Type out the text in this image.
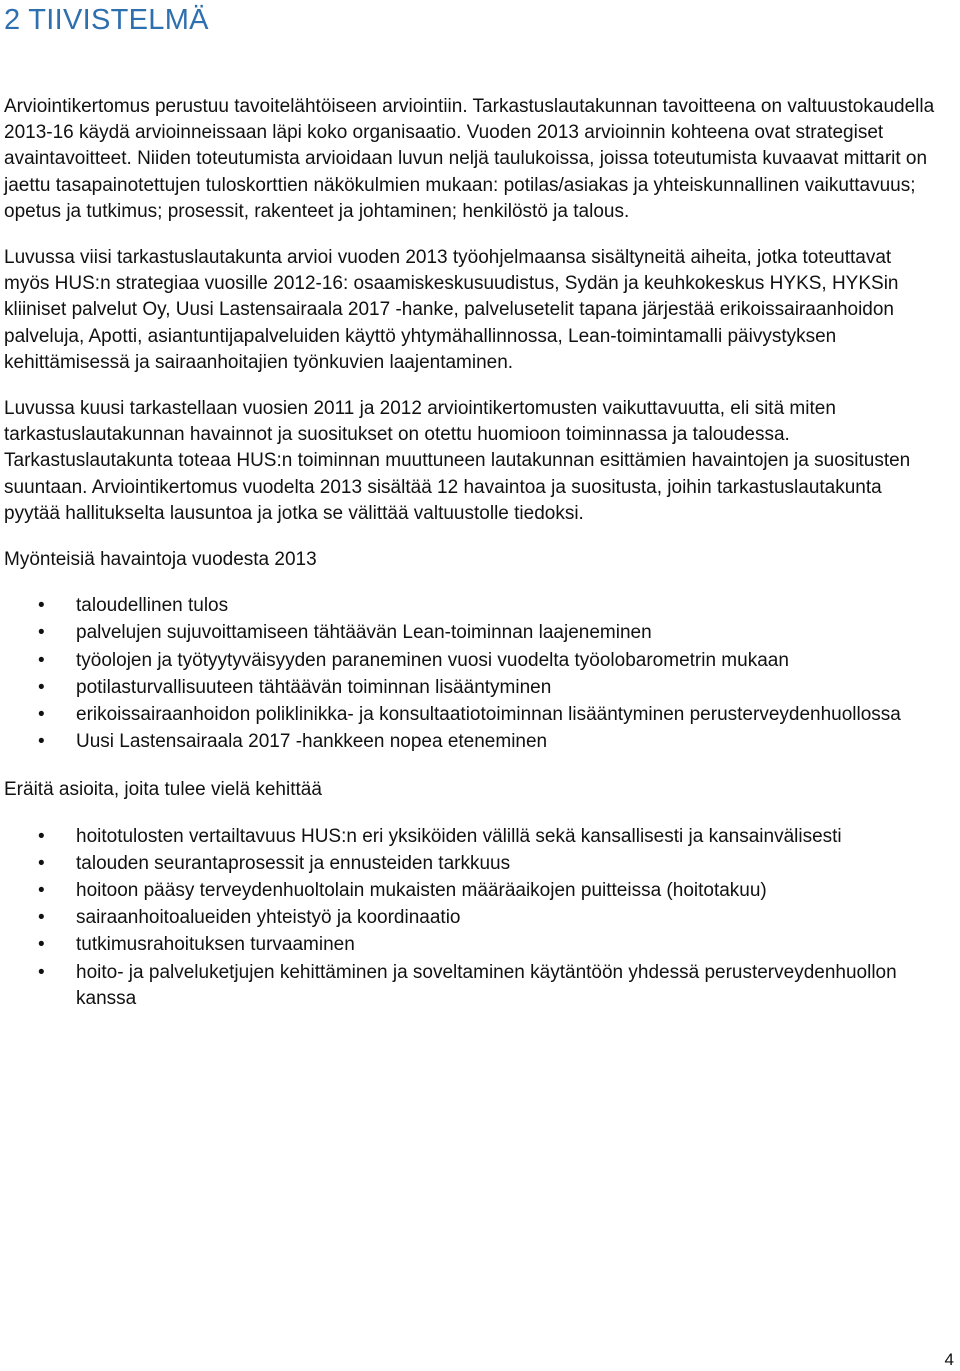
2 TIIVISTELMÄ

Arviointikertomus perustuu tavoitelähtöiseen arviointiin. Tarkastuslautakunnan tavoitteena on valtuustokaudella 2013-16 käydä arvioinneissaan läpi koko organisaatio. Vuoden 2013 arvioinnin kohteena ovat strategiset avaintavoitteet. Niiden toteutumista arvioidaan luvun neljä taulukoissa, joissa toteutumista kuvaavat mittarit on jaettu tasapainotettujen tuloskorttien näkökulmien mukaan: potilas/asiakas ja yhteiskunnallinen vaikuttavuus; opetus ja tutkimus; prosessit, rakenteet ja johtaminen; henkilöstö ja talous.

Luvussa viisi tarkastuslautakunta arvioi vuoden 2013 työohjelmaansa sisältyneitä aiheita, jotka toteuttavat myös HUS:n strategiaa vuosille 2012-16: osaamiskeskusuudistus, Sydän ja keuhkokeskus HYKS, HYKSin kliiniset palvelut Oy, Uusi Lastensairaala 2017 -hanke, palvelusetelit tapana järjestää erikoissairaanhoidon palveluja, Apotti, asiantuntijapalveluiden käyttö yhtymähallinnossa, Lean-toimintamalli päivystyksen kehittämisessä ja sairaanhoitajien työnkuvien laajentaminen.

Luvussa kuusi tarkastellaan vuosien 2011 ja 2012 arviointikertomusten vaikuttavuutta, eli sitä miten tarkastuslautakunnan havainnot ja suositukset on otettu huomioon toiminnassa ja taloudessa. Tarkastuslautakunta toteaa HUS:n toiminnan muuttuneen lautakunnan esittämien havaintojen ja suositusten suuntaan. Arviointikertomus vuodelta 2013 sisältää 12 havaintoa ja suositusta, joihin tarkastuslautakunta pyytää hallitukselta lausuntoa ja jotka se välittää valtuustolle tiedoksi.

Myönteisiä havaintoja vuodesta 2013

• taloudellinen tulos
• palvelujen sujuvoittamiseen tähtäävän Lean-toiminnan laajeneminen
• työolojen ja työtyytyväisyyden paraneminen vuosi vuodelta työolobarometrin mukaan
• potilasturvallisuuteen tähtäävän toiminnan lisääntyminen
• erikoissairaanhoidon poliklinikka- ja konsultaatiotoiminnan lisääntyminen perusterveydenhuollossa
• Uusi Lastensairaala 2017 -hankkeen nopea eteneminen

Eräitä asioita, joita tulee vielä kehittää

• hoitotulosten vertailtavuus HUS:n eri yksiköiden välillä sekä kansallisesti ja kansainvälisesti
• talouden seurantaprosessit ja ennusteiden tarkkuus
• hoitoon pääsy terveydenhuoltolain mukaisten määräaikojen puitteissa (hoitotakuu)
• sairaanhoitoalueiden yhteistyö ja koordinaatio
• tutkimusrahoituksen turvaaminen
• hoito- ja palveluketjujen kehittäminen ja soveltaminen käytäntöön yhdessä perusterveydenhuollon kanssa
4
